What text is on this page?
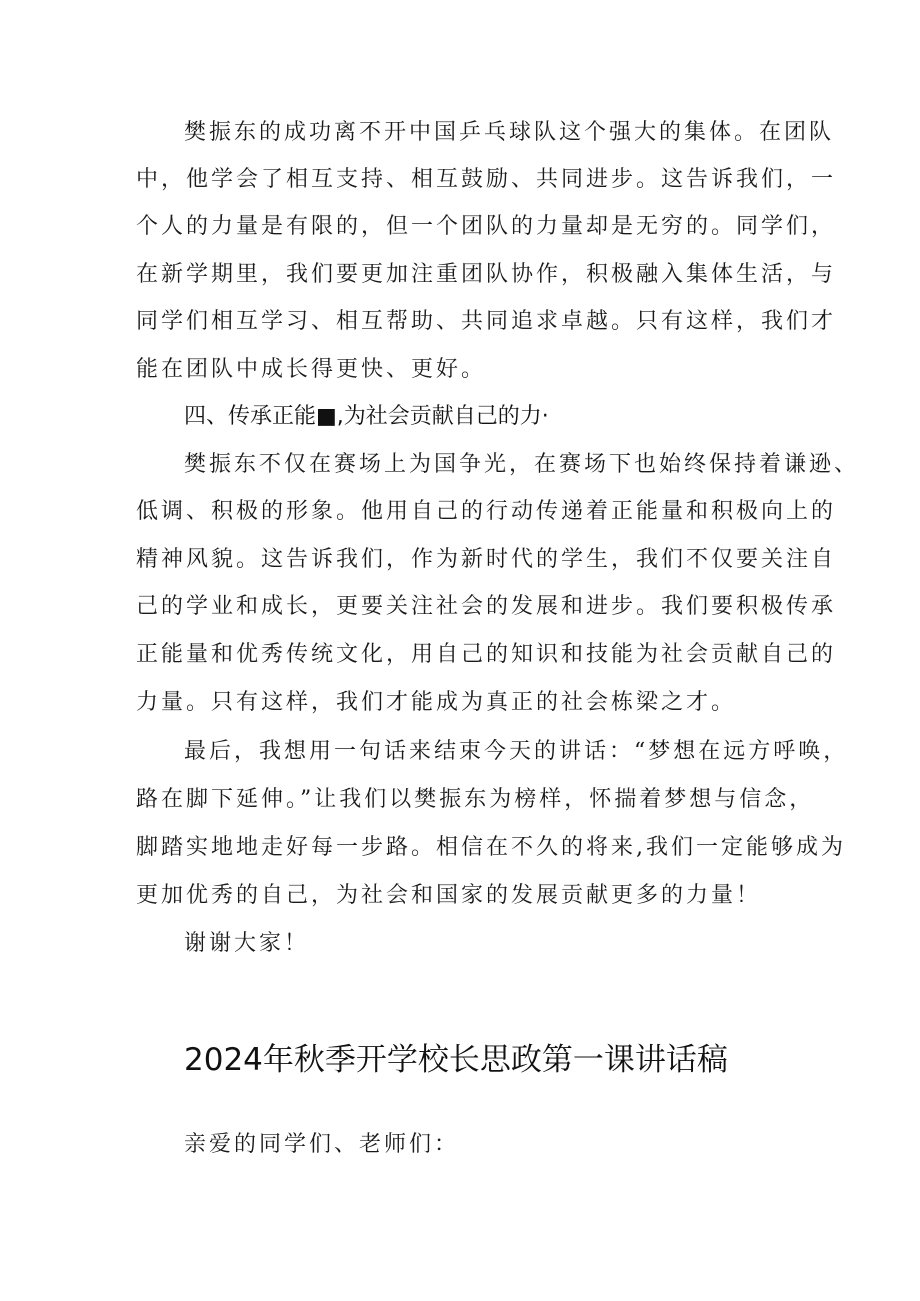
樊振东的成功离不开中国乒乓球队这个强大的集体。在团队
中，他学会了相互支持、相互鼓励、共同进步。这告诉我们，一
个人的力量是有限的，但一个团队的力量却是无穷的。同学们，
在新学期里，我们要更加注重团队协作，积极融入集体生活，与
同学们相互学习、相互帮助、共同追求卓越。只有这样，我们才
能在团队中成长得更快、更好。
四、传承正能■,为社会贡献自己的力·
樊振东不仅在赛场上为国争光，在赛场下也始终保持着谦逊、
低调、积极的形象。他用自己的行动传递着正能量和积极向上的
精神风貌。这告诉我们，作为新时代的学生，我们不仅要关注自
己的学业和成长，更要关注社会的发展和进步。我们要积极传承
正能量和优秀传统文化，用自己的知识和技能为社会贡献自己的
力量。只有这样，我们才能成为真正的社会栋梁之才。
最后，我想用一句话来结束今天的讲话：“梦想在远方呼唤，
路在脚下延伸。”让我们以樊振东为榜样，怀揣着梦想与信念，
脚踏实地地走好每一步路。相信在不久的将来,我们一定能够成为
更加优秀的自己，为社会和国家的发展贡献更多的力量！
谢谢大家！
2024年秋季开学校长思政第一课讲话稿
亲爱的同学们、老师们：
